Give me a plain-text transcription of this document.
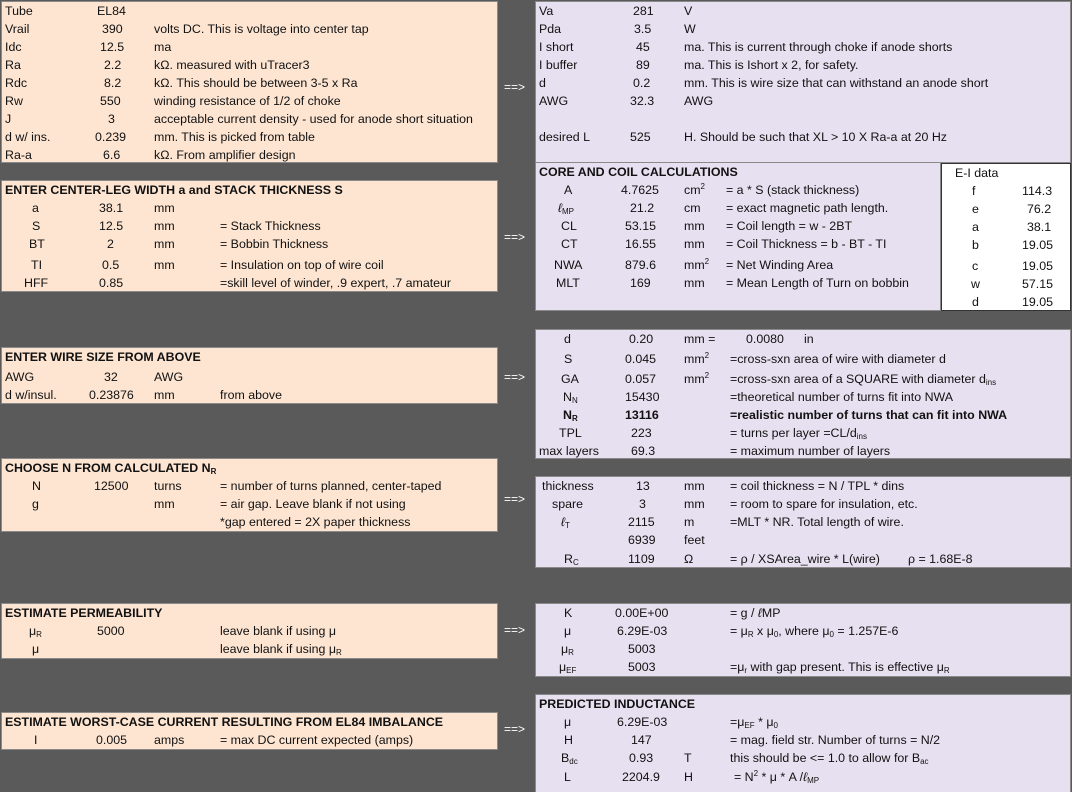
Tube	EL84
Vrail	390	volts DC. This is voltage into center tap
Idc	12.5 ma
Ra	2.2	kΩ. measured with uTracer3
Rdc	8.2	kΩ. This should be between 3-5 x Ra
Rw	550	winding resistance of 1/2 of choke
J	3	acceptable current density - used for anode short situation
d w/ ins.	0.239 mm. This is picked from table
Ra-a	6.6	kΩ. From amplifier design
==>
Va	281 V
Pda	3.5	W
I short	45	ma. This is current through choke if anode shorts
I buffer	89	ma. This is Ishort x 2, for safety.
d	0.2	mm. This is wire size that can withstand an anode short
AWG	32.3 AWG
desired L	525	H. Should be such that XL > 10 X Ra-a at 20 Hz
ENTER CENTER-LEG WIDTH a and STACK THICKNESS S
a	38.1 mm
S	12.5 mm	= Stack Thickness
BT	2	mm	= Bobbin Thickness
TI	0.5	mm	= Insulation on top of wire coil
HFF	0.85	=skill level of winder, .9 expert, .7 amateur
==>
CORE AND COIL CALCULATIONS
A	4.7625 $cm^2 = a * S$ (stack thickness)
ℓ$_{MP}$	21.2 cm = exact magnetic path length.
CL	53.15 mm = Coil length = w - 2BT
CT	16.55 mm = Coil Thickness = b - BT - TI
NWA	879.6 $mm^2$ = Net Winding Area
MLT	169	mm = Mean Length of Turn on bobbin
E-I data
f	114.3
e	76.2
a	38.1
b	19.05
c	19.05
w	57.15
d	19.05
ENTER WIRE SIZE FROM ABOVE
AWG	32	AWG
d w/insul.	0.23876 mm	from above
==>
d	0.20 mm = 0.0080 in
S	0.045 $mm^2$ =cross-sxn area of wire with diameter d
GA	0.057 $mm^2$ =cross-sxn area of a SQUARE with diameter $d_{ins}$
$N_N$	15430	=theoretical number of turns fit into NWA
$N_R$	13116	=realistic number of turns that can fit into NWA
TPL	223	= turns per layer $=CL/d_{ins}$
max layers	69.3	= maximum number of layers
CHOOSE N FROM CALCULATED $N_R$
N	12500 turns	= number of turns planned, center-taped
g	mm	= air gap. Leave blank if not using
*gap entered = 2X paper thickness
==>
thickness	13	mm = coil thickness = N / TPL * dins
spare	3	mm = room to spare for insulation, etc.
ℓ$_T$	2115 m	=MLT * NR. Total length of wire.
6939 feet
$R_C$	1109 Ω	= ρ / XSArea_wire * L(wire) ρ = 1.68E-8
ESTIMATE PERMEABILITY
$\mu_R$	5000	leave blank if using μ
μ	leave blank if using $\mu_R$
==>
K	0.00E+00	= g / ℓMP
μ	6.29E-03	= $\mu_R$ x $\mu_0$, where $\mu_0 = 1.257E-6$
$\mu_R$	5003
$\mu_{EF}$	5003	$=\mu_r$ with gap present. This is effective $\mu_R$
ESTIMATE WORST-CASE CURRENT RESULTING FROM EL84 IMBALANCE
I	0.005 amps	= max DC current expected (amps)
==>
PREDICTED INDUCTANCE
μ	6.29E-03	$=\mu_{EF} * \mu_0$
H	147	= mag. field str. Number of turns = N/2
$B_{dc}$	0.93 T	this should be <= 1.0 to allow for $B_{ac}$
L	2204.9 H	= $N^2$ * μ * A /ℓ$_{MP}$
